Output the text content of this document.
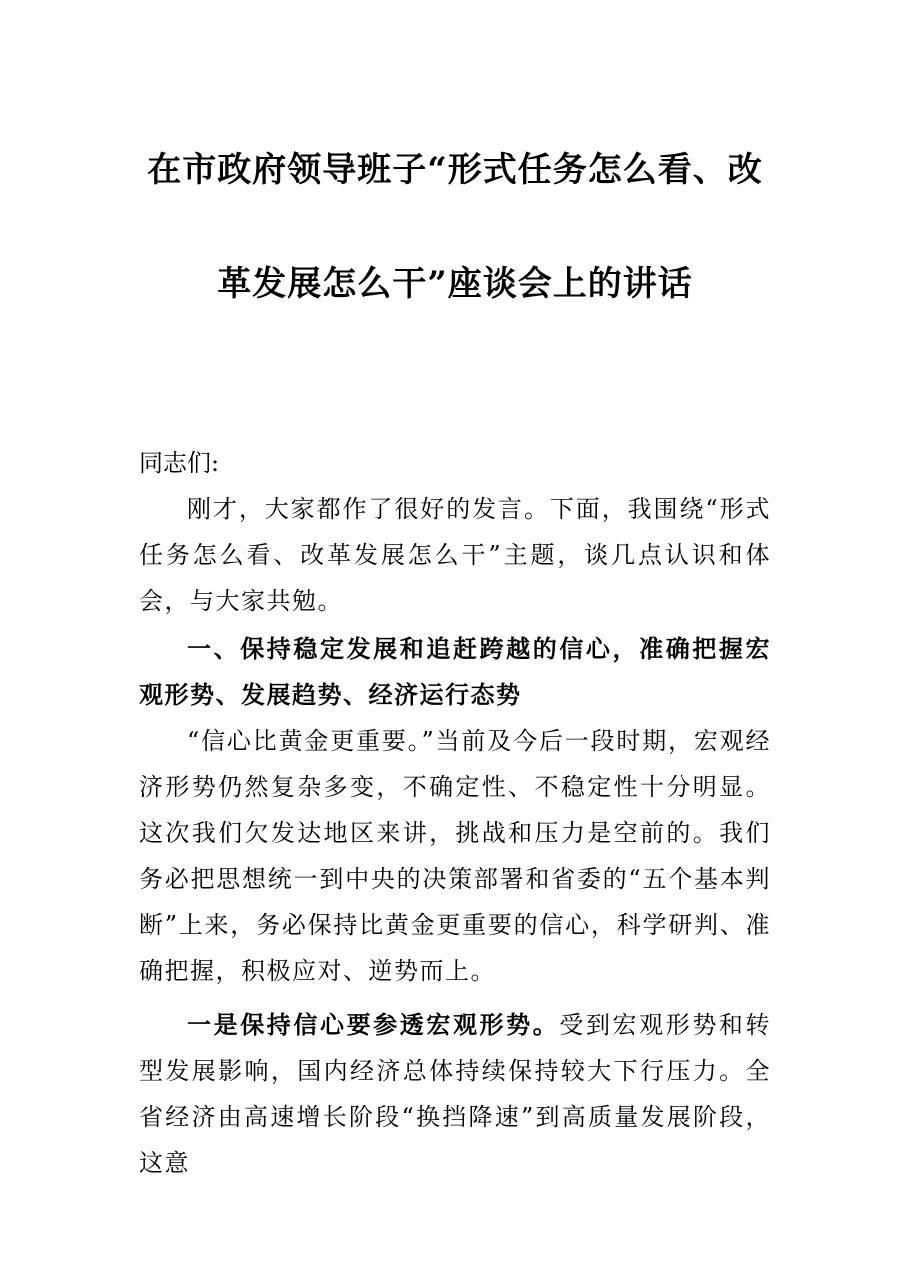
在市政府领导班子“形式任务怎么看、改
革发展怎么干”座谈会上的讲话
同志们:

刚才，大家都作了很好的发言。下面，我围绕“形式任务怎么看、改革发展怎么干”主题，谈几点认识和体会，与大家共勉。

一、保持稳定发展和追赶跨越的信心，准确把握宏观形势、发展趋势、经济运行态势

“信心比黄金更重要。”当前及今后一段时期，宏观经济形势仍然复杂多变，不确定性、不稳定性十分明显。这次我们欠发达地区来讲，挑战和压力是空前的。我们务必把思想统一到中央的决策部署和省委的“五个基本判断”上来，务必保持比黄金更重要的信心，科学研判、准确把握，积极应对、逆势而上。

一是保持信心要参透宏观形势。受到宏观形势和转型发展影响，国内经济总体持续保持较大下行压力。全省经济由高速增长阶段“换挡降速”到高质量发展阶段，这意
